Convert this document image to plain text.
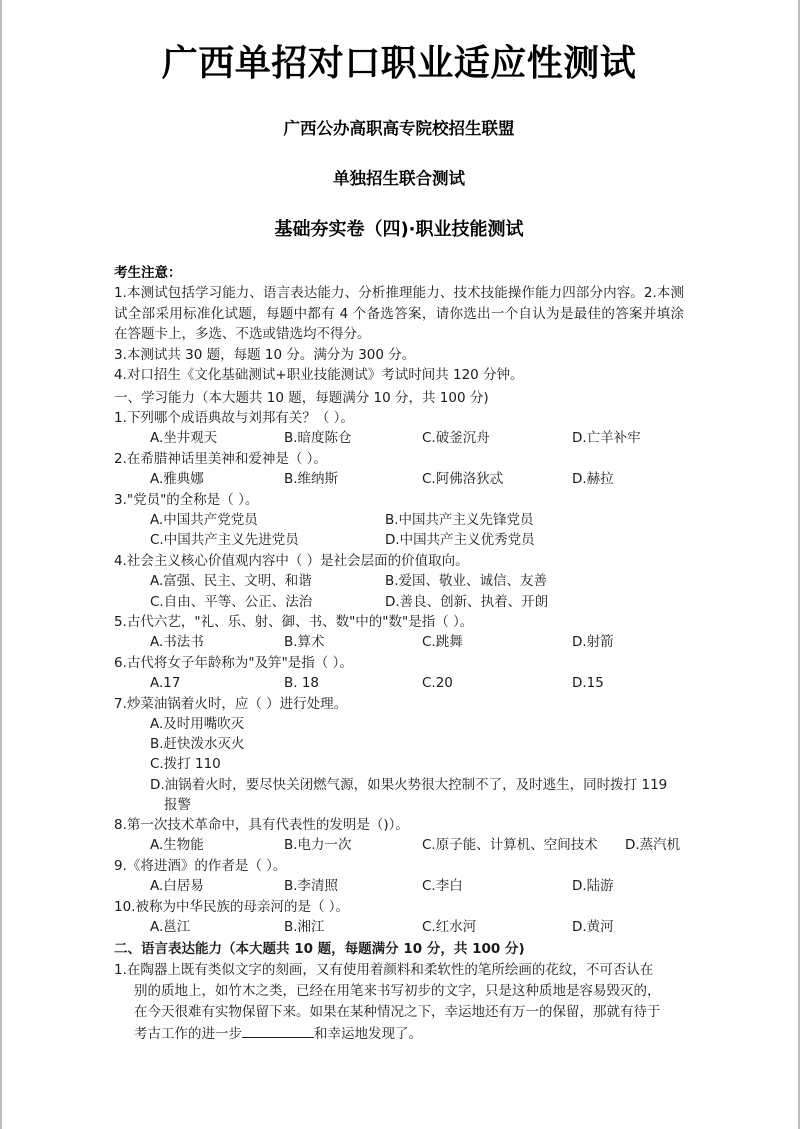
广西单招对口职业适应性测试
广西公办高职高专院校招生联盟
单独招生联合测试
基础夯实卷（四)·职业技能测试
考生注意：
1.本测试包括学习能力、语言表达能力、分析推理能力、技术技能操作能力四部分内容。2.本测试全部采用标准化试题，每题中都有 4 个备选答案，请你选出一个自认为是最佳的答案并填涂在答题卡上，多选、不选或错选均不得分。
3.本测试共 30 题，每题 10 分。满分为 300 分。
4.对口招生《文化基础测试+职业技能测试》考试时间共 120 分钟。
一、学习能力（本大题共 10 题，每题满分 10 分，共 100 分)
1.下列哪个成语典故与刘邦有关？（ ）。
A.坐井观天	B.暗度陈仓	C.破釜沉舟	D.亡羊补牢
2.在希腊神话里美神和爱神是（ ）。
A.雅典娜	B.维纳斯	C.阿佛洛狄忒	D.赫拉
3."党员"的全称是（ ）。
A.中国共产党党员	B.中国共产主义先锋党员
C.中国共产主义先进党员	D.中国共产主义优秀党员
4.社会主义核心价值观内容中（ ）是社会层面的价值取向。
A.富强、民主、文明、和谐	B.爱国、敬业、诚信、友善
C.自由、平等、公正、法治	D.善良、创新、执着、开朗
5.古代六艺，"礼、乐、射、御、书、数"中的"数"是指（ ）。
A.书法书	B.算术	C.跳舞	D.射箭
6.古代将女子年龄称为"及笄"是指（ ）。
A.17	B. 18	C.20	D.15
7.炒菜油锅着火时，应（ ）进行处理。
A.及时用嘴吹灭
B.赶快泼水灭火
C.拨打 110
D.油锅着火时，要尽快关闭燃气源，如果火势很大控制不了，及时逃生，同时拨打 119
报警
8.第一次技术革命中，具有代表性的发明是（)）。
A.生物能	B.电力一次	C.原子能、计算机、空间技术 D.蒸汽机
9.《将进酒》的作者是（ ）。
A.白居易	B.李清照	C.李白	D.陆游
10.被称为中华民族的母亲河的是（ ）。
A.邕江	B.湘江	C.红水河	D.黄河
二、语言表达能力（本大题共 10 题，每题满分 10 分，共 100 分)
1.在陶器上既有类似文字的刻画，又有使用着颜料和柔软性的笔所绘画的花纹，不可否认在
别的质地上，如竹木之类，已经在用笔来书写初步的文字，只是这种质地是容易毁灭的，
在今天很难有实物保留下来。如果在某种情况之下，幸运地还有万一的保留，那就有待于
考古工作的进一步	和幸运地发现了。
